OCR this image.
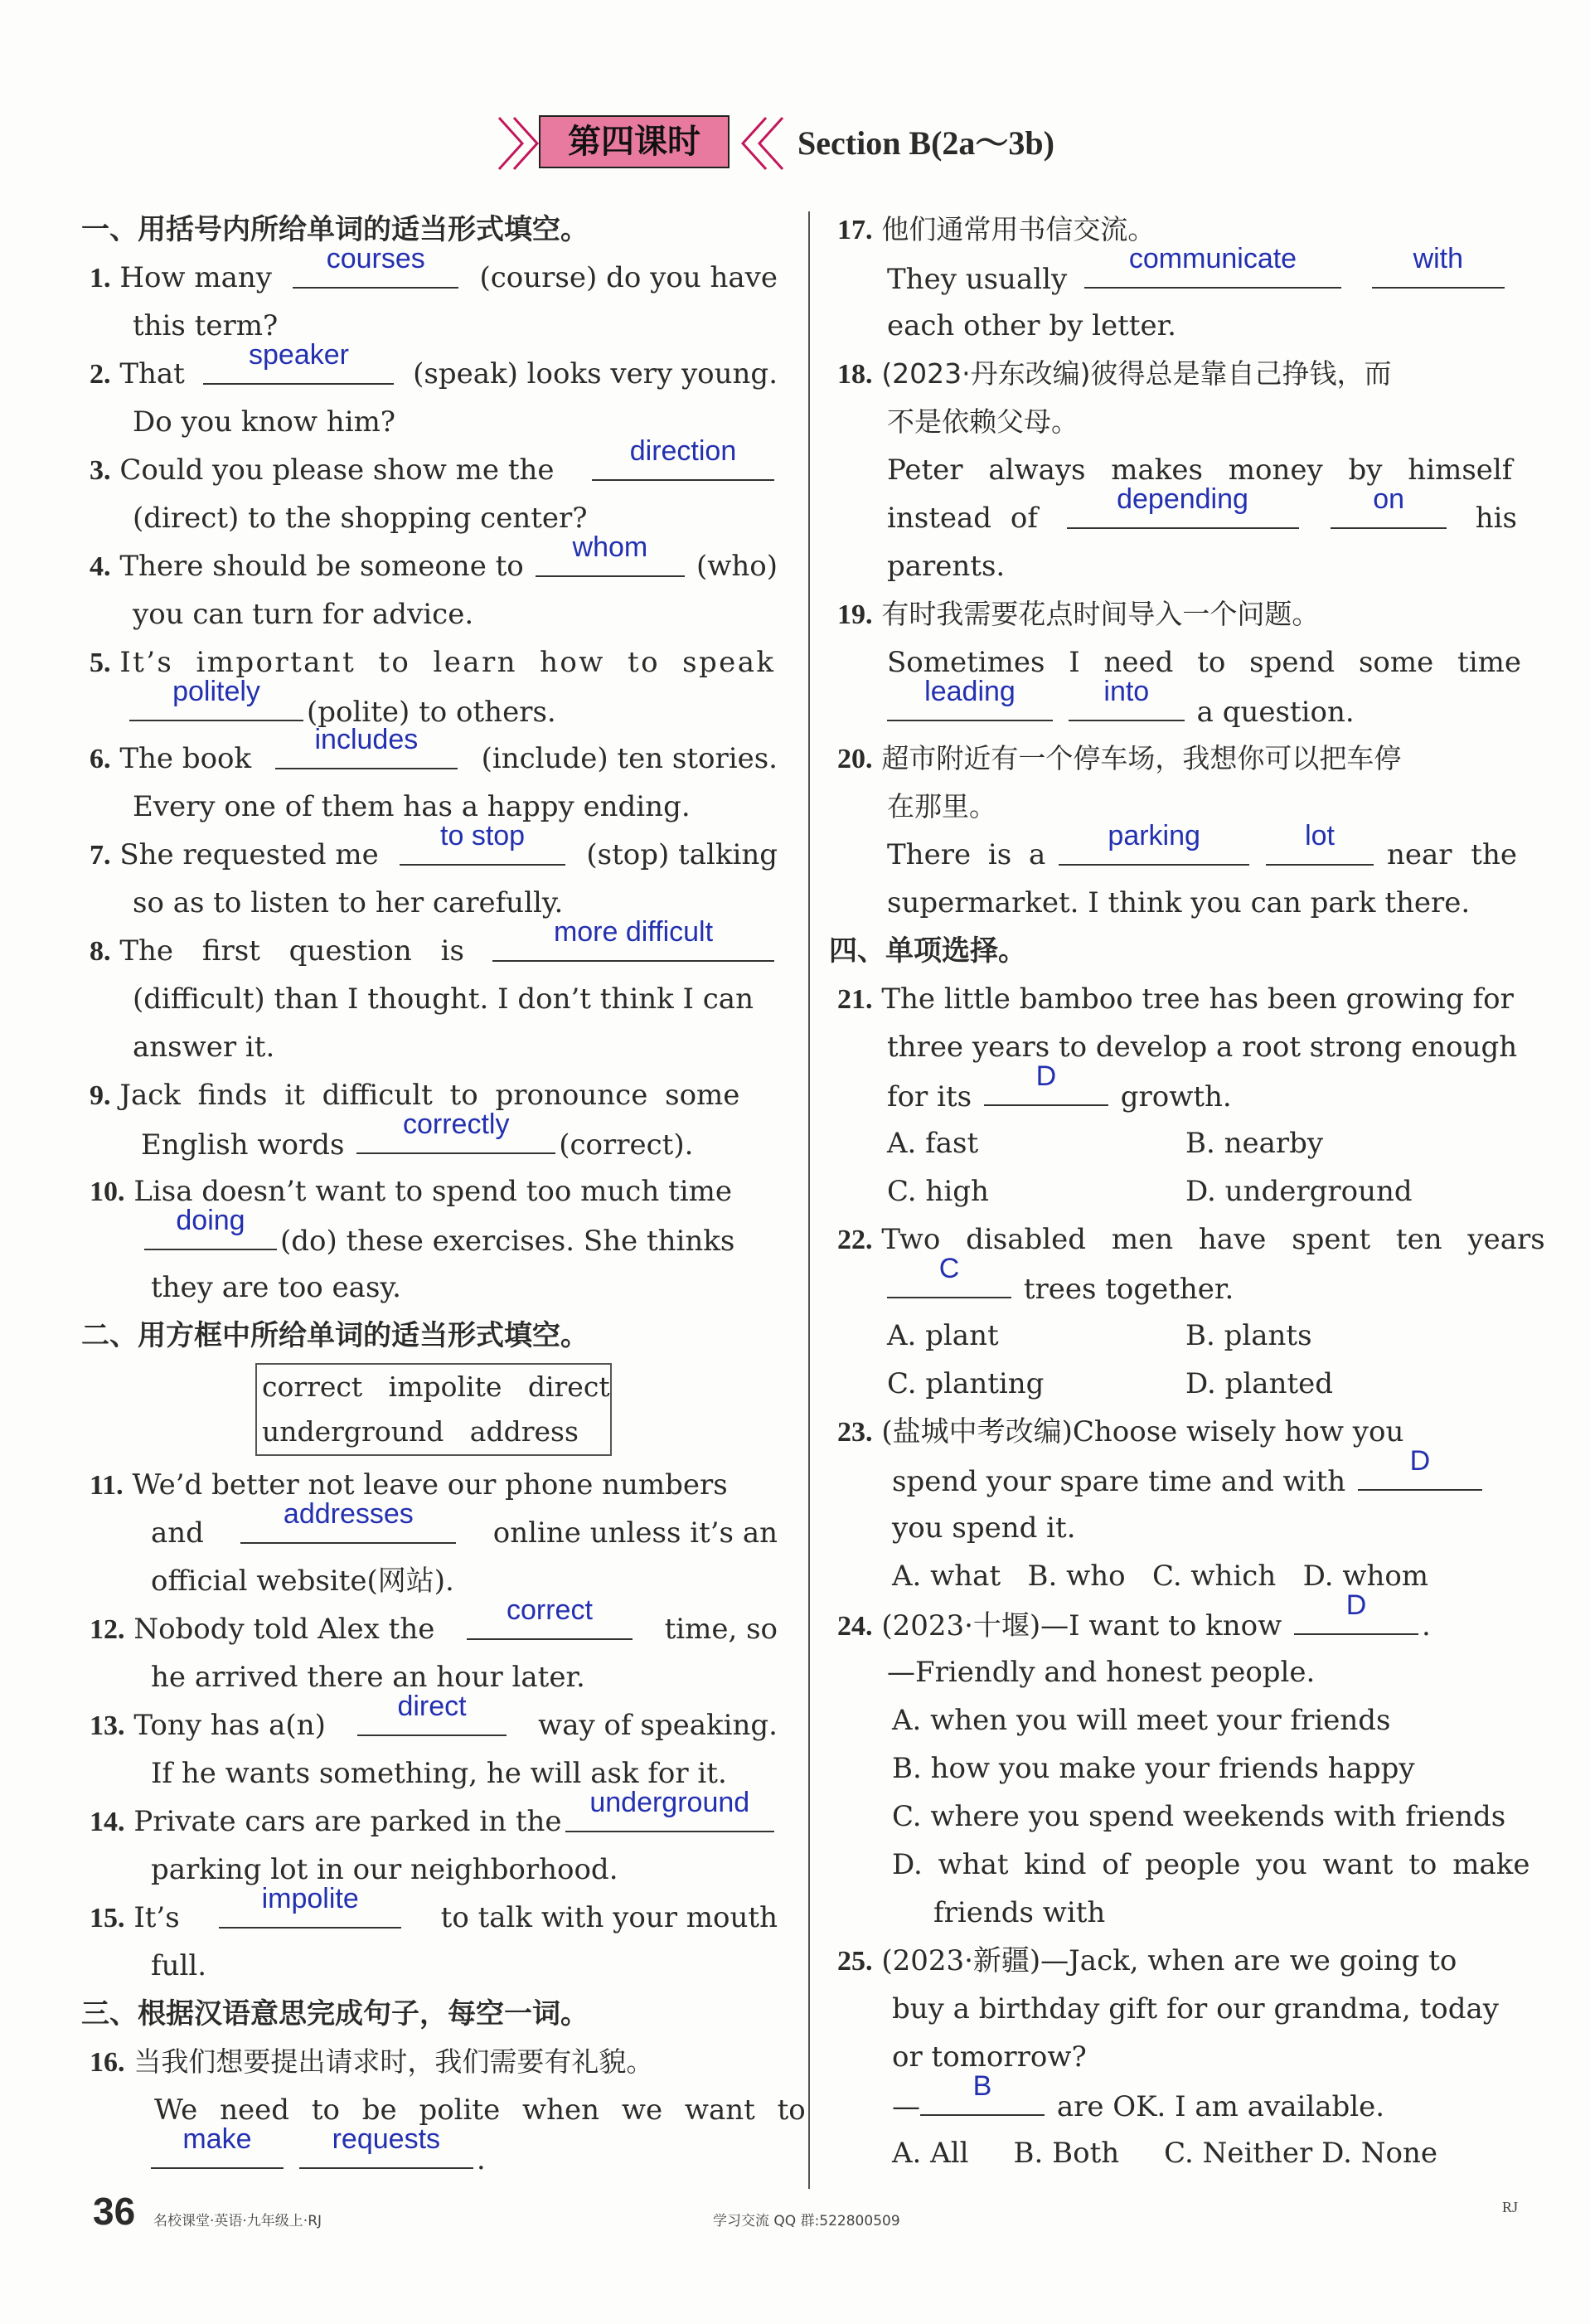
第四课时	Section B(2a～3b)
一、用括号内所给单词的适当形式填空。
1. How many
courses
(course) do you have
this term?
2. That
speaker
(speak) looks very young.
Do you know him?
3. Could you please show me the
direction
(direct) to the shopping center?
4. There should be someone to
whom
(who)
you can turn for advice.
5. It’s important to learn how to speak
politely
(polite) to others.
6. The book
includes
(include) ten stories.
Every one of them has a happy ending.
7. She requested me
to stop
(stop) talking
so as to listen to her carefully.
8. The first question is
more difficult
(difficult) than I thought. I don’t think I can
answer it.
9. Jack finds it difficult to pronounce some
English words
correctly
(correct).
10. Lisa doesn’t want to spend too much time
doing
(do) these exercises. She thinks
they are too easy.
二、用方框中所给单词的适当形式填空。
correct   impolite   direct
underground   address
11. We’d better not leave our phone numbers
and
addresses
online unless it’s an
official website(网站).
12. Nobody told Alex the
correct
time, so
he arrived there an hour later.
13. Tony has a(n)
direct
way of speaking.
If he wants something, he will ask for it.
14. Private cars are parked in the
underground
parking lot in our neighborhood.
15. It’s
impolite
to talk with your mouth
full.
三、根据汉语意思完成句子，每空一词。
16. 当我们想要提出请求时，我们需要有礼貌。
We need to be polite when we want to
make
	requests
.
17. 他们通常用书信交流。
They usually
communicate
	with
each other by letter.
18. (2023·丹东改编)彼得总是靠自己挣钱，而
不是依赖父母。
Peter always makes money by himself
instead of
depending	on
his
parents.
19. 有时我需要花点时间导入一个问题。
Sometimes I need to spend some time
leading
	into
a question.
20. 超市附近有一个停车场，我想你可以把车停
在那里。
There is a
parking	lot
near the
supermarket. I think you can park there.
四、单项选择。
21. The little bamboo tree has been growing for
three years to develop a root strong enough
for its
D
growth.
A. fast	B. nearby
C. high	D. underground
22. Two disabled men have spent ten years
C
trees together.
A. plant	B. plants
C. planting	D. planted
23. (盐城中考改编)Choose wisely how you
spend your spare time and with
D
you spend it.
A. what   B. who   C. which   D. whom
24. (2023·十堰)—I want to know
D
.
—Friendly and honest people.
A. when you will meet your friends
B. how you make your friends happy
C. where you spend weekends with friends
D. what kind of people you want to make
friends with
25. (2023·新疆)—Jack, when are we going to
buy a birthday gift for our grandma, today
or tomorrow?
—
B
are OK. I am available.
A. All     B. Both     C. Neither D. None
36 名校课堂·英语·九年级上·RJ	学习交流 QQ 群:522800509
RJ
